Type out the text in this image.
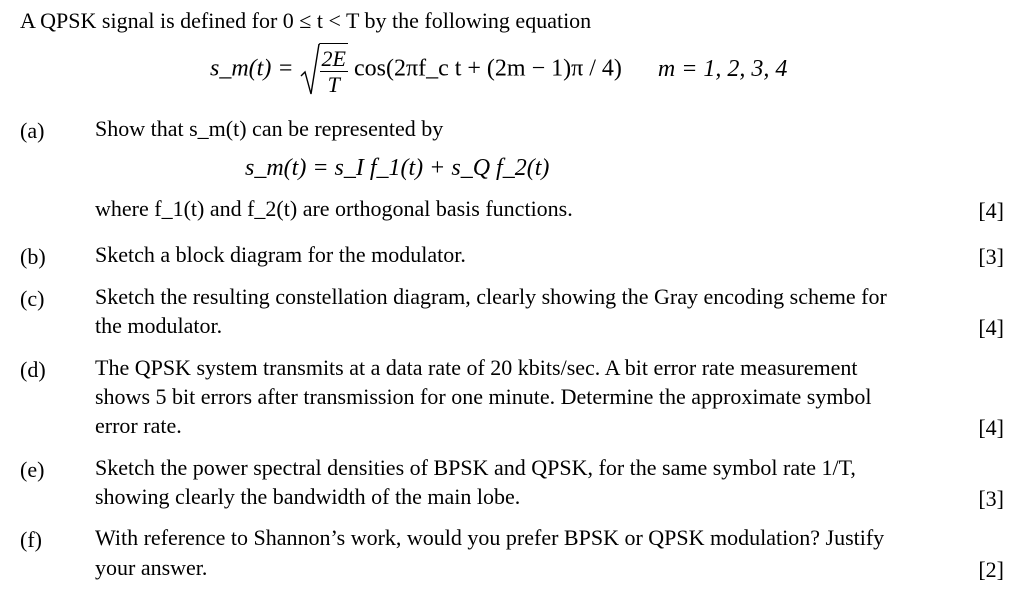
A QPSK signal is defined for 0 ≤ t < T by the following equation
s_m(t) = $\frac{2E}{T}$ cos(2πf_c t + (2m − 1)π / 4) m = 1, 2, 3, 4
(a) Show that s_m(t) can be represented by
s_m(t) = s_I f_1(t) + s_Q f_2(t)
where f_1(t) and f_2(t) are orthogonal basis functions.	[4]
(b) Sketch a block diagram for the modulator.	[3]
(c) Sketch the resulting constellation diagram, clearly showing the Gray encoding scheme for
the modulator.	[4]
(d) The QPSK system transmits at a data rate of 20 kbits/sec. A bit error rate measurement
shows 5 bit errors after transmission for one minute. Determine the approximate symbol
error rate.	[4]
(e) Sketch the power spectral densities of BPSK and QPSK, for the same symbol rate 1/T,
showing clearly the bandwidth of the main lobe.	[3]
(f) With reference to Shannon’s work, would you prefer BPSK or QPSK modulation? Justify
your answer.	[2]
